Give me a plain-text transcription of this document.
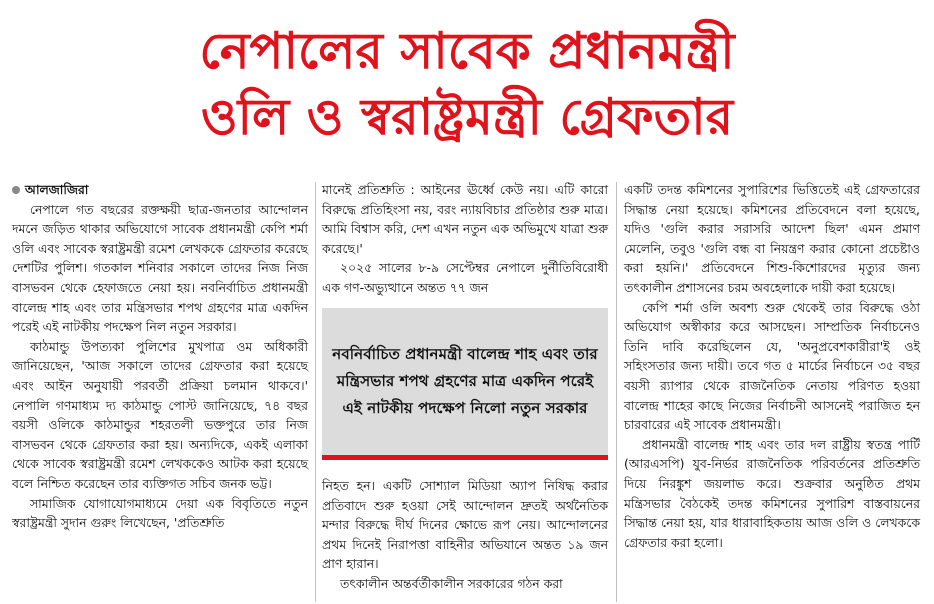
নেপালের সাবেক প্রধানমন্ত্রী
ওলি ও স্বরাষ্ট্রমন্ত্রী গ্রেফতার
আলজাজিরা

নেপালে গত বছরের রক্তক্ষয়ী ছাত্র-জনতার আন্দোলন দমনে জড়িত থাকার অভিযোগে সাবেক প্রধানমন্ত্রী কেপি শর্মা ওলি এবং সাবেক স্বরাষ্ট্রমন্ত্রী রমেশ লেখককে গ্রেফতার করেছে দেশটির পুলিশ। গতকাল শনিবার সকালে তাদের নিজ নিজ বাসভবন থেকে হেফাজতে নেয়া হয়। নবনির্বাচিত প্রধানমন্ত্রী বালেন্দ্র শাহ এবং তার মন্ত্রিসভার শপথ গ্রহণের মাত্র একদিন পরেই এই নাটকীয় পদক্ষেপ নিল নতুন সরকার।

কাঠমান্ডু উপত্যকা পুলিশের মুখপাত্র ওম অধিকারী জানিয়েছেন, 'আজ সকালে তাদের গ্রেফতার করা হয়েছে এবং আইন অনুযায়ী পরবর্তী প্রক্রিয়া চলমান থাকবে।' নেপালি গণমাধ্যম দ্য কাঠমান্ডু পোস্ট জানিয়েছে, ৭৪ বছর বয়সী ওলিকে কাঠমান্ডুর শহরতলী ভক্তপুরে তার নিজ বাসভবন থেকে গ্রেফতার করা হয়। অন্যদিকে, একই এলাকা থেকে সাবেক স্বরাষ্ট্রমন্ত্রী রমেশ লেখককেও আটক করা হয়েছে বলে নিশ্চিত করেছেন তার ব্যক্তিগত সচিব জনক ভট্ট।

সামাজিক যোগাযোগমাধ্যমে দেয়া এক বিবৃতিতে নতুন স্বরাষ্ট্রমন্ত্রী সুদান গুরুং লিখেছেন, 'প্রতিশ্রুতি

মানেই প্রতিশ্রুতি : আইনের ঊর্ধ্বে কেউ নয়। এটি কারো বিরুদ্ধে প্রতিহিংসা নয়, বরং ন্যায়বিচার প্রতিষ্ঠার শুরু মাত্র। আমি বিশ্বাস করি, দেশ এখন নতুন এক অভিমুখে যাত্রা শুরু করেছে।'

২০২৫ সালের ৮-৯ সেপ্টেম্বর নেপালে দুর্নীতিবিরোধী এক গণ-অভ্যুত্থানে অন্তত ৭৭ জন

নবনির্বাচিত প্রধানমন্ত্রী বালেন্দ্র শাহ এবং তার মন্ত্রিসভার শপথ গ্রহণের মাত্র একদিন পরেই এই নাটকীয় পদক্ষেপ নিলো নতুন সরকার

নিহত হন। একটি সোশ্যাল মিডিয়া অ্যাপ নিষিদ্ধ করার প্রতিবাদে শুরু হওয়া সেই আন্দোলন দ্রুতই অর্থনৈতিক মন্দার বিরুদ্ধে দীর্ঘ দিনের ক্ষোভে রূপ নেয়। আন্দোলনের প্রথম দিনেই নিরাপত্তা বাহিনীর অভিযানে অন্তত ১৯ জন প্রাণ হারান।

তৎকালীন অন্তর্বর্তীকালীন সরকারের গঠন করা

একটি তদন্ত কমিশনের সুপারিশের ভিত্তিতেই এই গ্রেফতারের সিদ্ধান্ত নেয়া হয়েছে। কমিশনের প্রতিবেদনে বলা হয়েছে, যদিও 'গুলি করার সরাসরি আদেশ ছিল' এমন প্রমাণ মেলেনি, তবুও 'গুলি বন্ধ বা নিয়ন্ত্রণ করার কোনো প্রচেষ্টাও করা হয়নি।' প্রতিবেদনে শিশু-কিশোরদের মৃত্যুর জন্য তৎকালীন প্রশাসনের চরম অবহেলাকে দায়ী করা হয়েছে।

কেপি শর্মা ওলি অবশ্য শুরু থেকেই তার বিরুদ্ধে ওঠা অভিযোগ অস্বীকার করে আসছেন। সাম্প্রতিক নির্বাচনেও তিনি দাবি করেছিলেন যে, 'অনুপ্রবেশকারীরা'ই ওই সহিংসতার জন্য দায়ী। তবে গত ৫ মার্চের নির্বাচনে ৩৫ বছর বয়সী র‍্যাপার থেকে রাজনৈতিক নেতায় পরিণত হওয়া বালেন্দ্র শাহের কাছে নিজের নির্বাচনী আসনেই পরাজিত হন চারবারের এই সাবেক প্রধানমন্ত্রী।

প্রধানমন্ত্রী বালেন্দ্র শাহ এবং তার দল রাষ্ট্রীয় স্বতন্ত্র পার্টি (আরএসপি) যুব-নির্ভর রাজনৈতিক পরিবর্তনের প্রতিশ্রুতি দিয়ে নিরঙ্কুশ জয়লাভ করে। শুক্রবার অনুষ্ঠিত প্রথম মন্ত্রিসভার বৈঠকেই তদন্ত কমিশনের সুপারিশ বাস্তবায়নের সিদ্ধান্ত নেয়া হয়, যার ধারাবাহিকতায় আজ ওলি ও লেখককে গ্রেফতার করা হলো।
